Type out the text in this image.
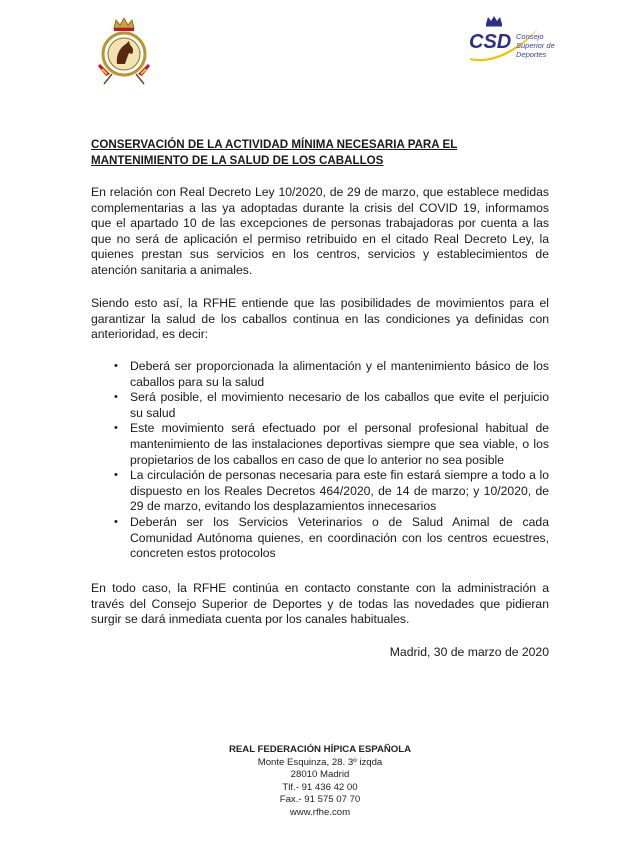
CSD Consejo
Superior de
Deportes
CONSERVACIÓN DE LA ACTIVIDAD MÍNIMA NECESARIA PARA EL MANTENIMIENTO DE LA SALUD DE LOS CABALLOS
En relación con Real Decreto Ley 10/2020, de 29 de marzo, que establece medidas complementarias a las ya adoptadas durante la crisis del COVID 19, informamos que el apartado 10 de las excepciones de personas trabajadoras por cuenta a las que no será de aplicación el permiso retribuido en el citado Real Decreto Ley, la quienes prestan sus servicios en los centros, servicios y establecimientos de atención sanitaria a animales.
Siendo esto así, la RFHE entiende que las posibilidades de movimientos para el garantizar la salud de los caballos continua en las condiciones ya definidas con anterioridad, es decir:
• Deberá ser proporcionada la alimentación y el mantenimiento básico de los caballos para su la salud
• Será posible, el movimiento necesario de los caballos que evite el perjuicio su salud
• Este movimiento será efectuado por el personal profesional habitual de mantenimiento de las instalaciones deportivas siempre que sea viable, o los propietarios de los caballos en caso de que lo anterior no sea posible
• La circulación de personas necesaria para este fin estará siempre a todo a lo dispuesto en los Reales Decretos 464/2020, de 14 de marzo; y 10/2020, de 29 de marzo, evitando los desplazamientos innecesarios
• Deberán ser los Servicios Veterinarios o de Salud Animal de cada Comunidad Autónoma quienes, en coordinación con los centros ecuestres, concreten estos protocolos
En todo caso, la RFHE continúa en contacto constante con la administración a través del Consejo Superior de Deportes y de todas las novedades que pidieran surgir se dará inmediata cuenta por los canales habituales.
Madrid, 30 de marzo de 2020
REAL FEDERACIÓN HÍPICA ESPAÑOLA
Monte Esquinza, 28. 3º izqda
28010 Madrid
Tlf.- 91 436 42 00
Fax.- 91 575 07 70
www.rfhe.com
